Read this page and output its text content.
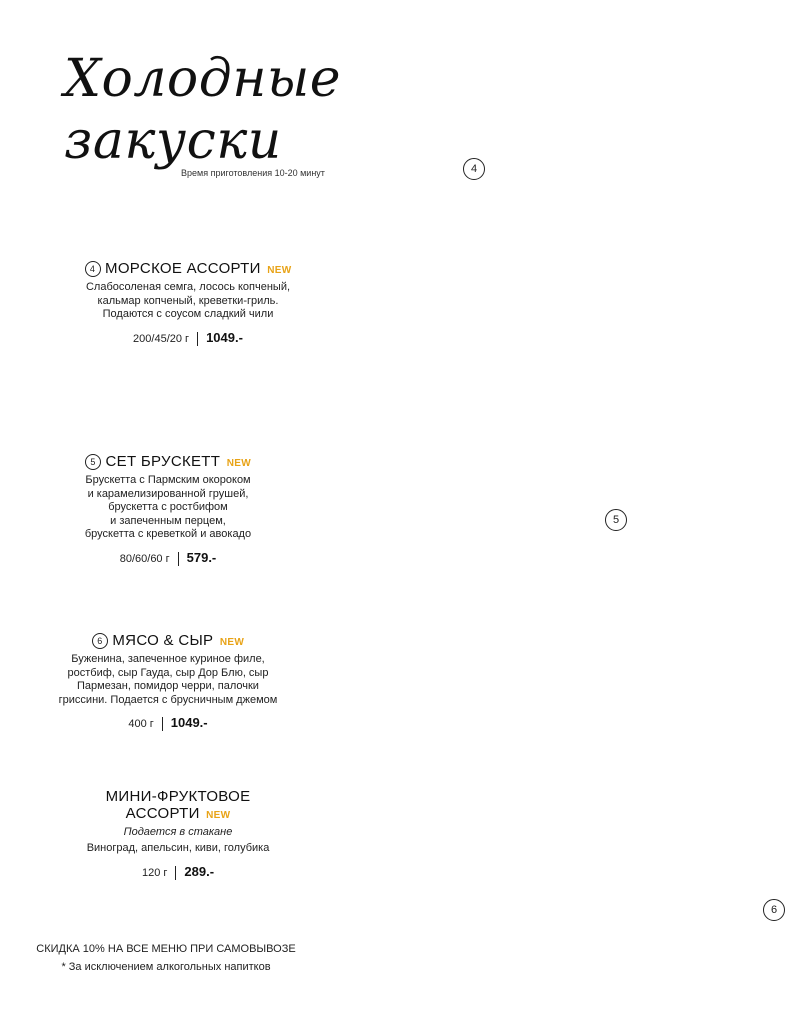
Холодные
закуски
Время приготовления 10-20 минут	4
5
6
4 МОРСКОЕ АССОРТИ NEW
Слабосоленая семга, лосось копченый,
кальмар копченый, креветки-гриль.
Подаются с соусом сладкий чили
200/45/20 г 1049.-
5 СЕТ БРУСКЕТТ NEW
Брускетта с Пармским окороком
и карамелизированной грушей,
брускетта с ростбифом
и запеченным перцем,
брускетта с креветкой и авокадо
80/60/60 г 579.-
6 МЯСО & СЫР NEW
Буженина, запеченное куриное филе,
ростбиф, сыр Гауда, сыр Дор Блю, сыр
Пармезан, помидор черри, палочки
гриссини. Подается с брусничным джемом
400 г 1049.-
МИНИ-ФРУКТОВОЕ
АССОРТИ NEW
Подается в стакане
Виноград, апельсин, киви, голубика
120 г 289.-
СКИДКА 10% НА ВСЕ МЕНЮ ПРИ САМОВЫВОЗЕ
* За исключением алкогольных напитков
